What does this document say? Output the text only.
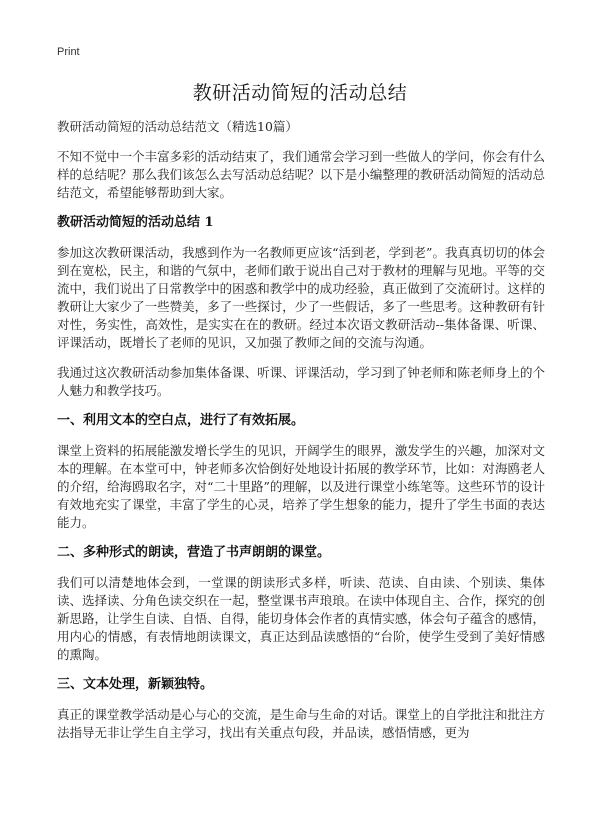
Print
教研活动简短的活动总结

教研活动简短的活动总结范文（精选10篇）

不知不觉中一个丰富多彩的活动结束了，我们通常会学习到一些做人的学问，你会有什么样的总结呢？那么我们该怎么去写活动总结呢？以下是小编整理的教研活动简短的活动总结范文，希望能够帮助到大家。

教研活动简短的活动总结 1

参加这次教研课活动，我感到作为一名教师更应该“活到老，学到老”。我真真切切的体会到在宽松，民主，和谐的气氛中，老师们敢于说出自己对于教材的理解与见地。平等的交流中，我们说出了日常教学中的困惑和教学中的成功经验，真正做到了交流研讨。这样的教研让大家少了一些赞美，多了一些探讨，少了一些假话，多了一些思考。这种教研有针对性，务实性，高效性，是实实在在的教研。经过本次语文教研活动--集体备课、听课、评课活动，既增长了老师的见识，又加强了教师之间的交流与沟通。

我通过这次教研活动参加集体备课、听课、评课活动，学习到了钟老师和陈老师身上的个人魅力和教学技巧。

一、利用文本的空白点，进行了有效拓展。

课堂上资料的拓展能激发增长学生的见识，开阔学生的眼界，激发学生的兴趣，加深对文本的理解。在本堂可中，钟老师多次恰倒好处地设计拓展的教学环节，比如：对海鸥老人的介绍，给海鸥取名字，对“二十里路”的理解，以及进行课堂小练笔等。这些环节的设计有效地充实了课堂，丰富了学生的心灵，培养了学生想象的能力，提升了学生书面的表达能力。

二、多种形式的朗读，营造了书声朗朗的课堂。

我们可以清楚地体会到，一堂课的朗读形式多样，听读、范读、自由读、个别读、集体读、选择读、分角色读交织在一起，整堂课书声琅琅。在读中体现自主、合作，探究的创新思路，让学生自读、自悟、自得，能切身体会作者的真情实感，体会句子蕴含的感情，用内心的情感，有表情地朗读课文，真正达到品读感悟的“台阶，使学生受到了美好情感的熏陶。

三、文本处理，新颖独特。

真正的课堂教学活动是心与心的交流，是生命与生命的对话。课堂上的自学批注和批注方法指导无非让学生自主学习，找出有关重点句段，并品读，感悟情感，更为
